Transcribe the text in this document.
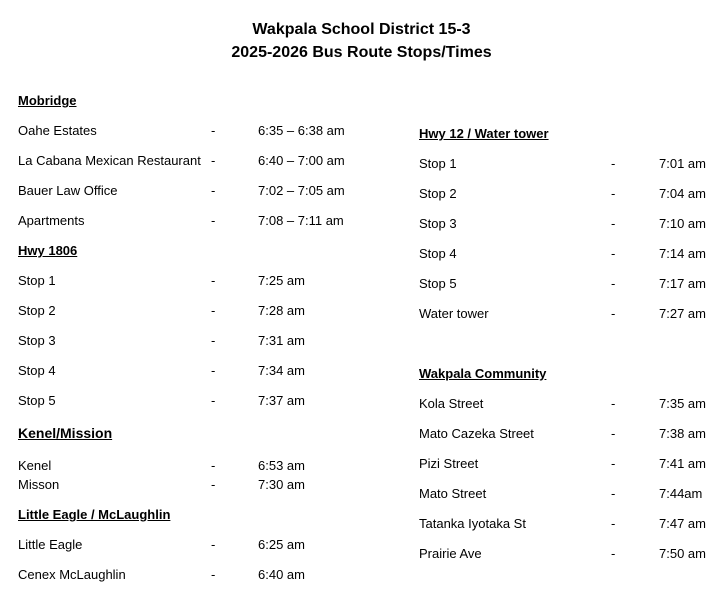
Wakpala School District 15-3
2025-2026 Bus Route Stops/Times
Mobridge
Oahe Estates	-	6:35 – 6:38 am
La Cabana Mexican Restaurant -	6:40 – 7:00 am
Bauer Law Office	-	7:02 – 7:05 am
Apartments	-	7:08 – 7:11 am
Hwy 1806
Stop 1	-	7:25 am
Stop 2	-	7:28 am
Stop 3	-	7:31 am
Stop 4	-	7:34 am
Stop 5	-	7:37 am
Kenel/Mission
Kenel	-	6:53 am
Misson	-	7:30 am
Little Eagle / McLaughlin
Little Eagle	-	6:25 am
Cenex McLaughlin	-	6:40 am
Hwy 12 / Water tower
Stop 1	-	7:01 am
Stop 2	-	7:04 am
Stop 3	-	7:10 am
Stop 4	-	7:14 am
Stop 5	-	7:17 am
Water tower	-	7:27 am
Wakpala Community
Kola Street	-	7:35 am
Mato Cazeka Street	-	7:38 am
Pizi Street	-	7:41 am
Mato Street	-	7:44am
Tatanka Iyotaka St	-	7:47 am
Prairie Ave	-	7:50 am
